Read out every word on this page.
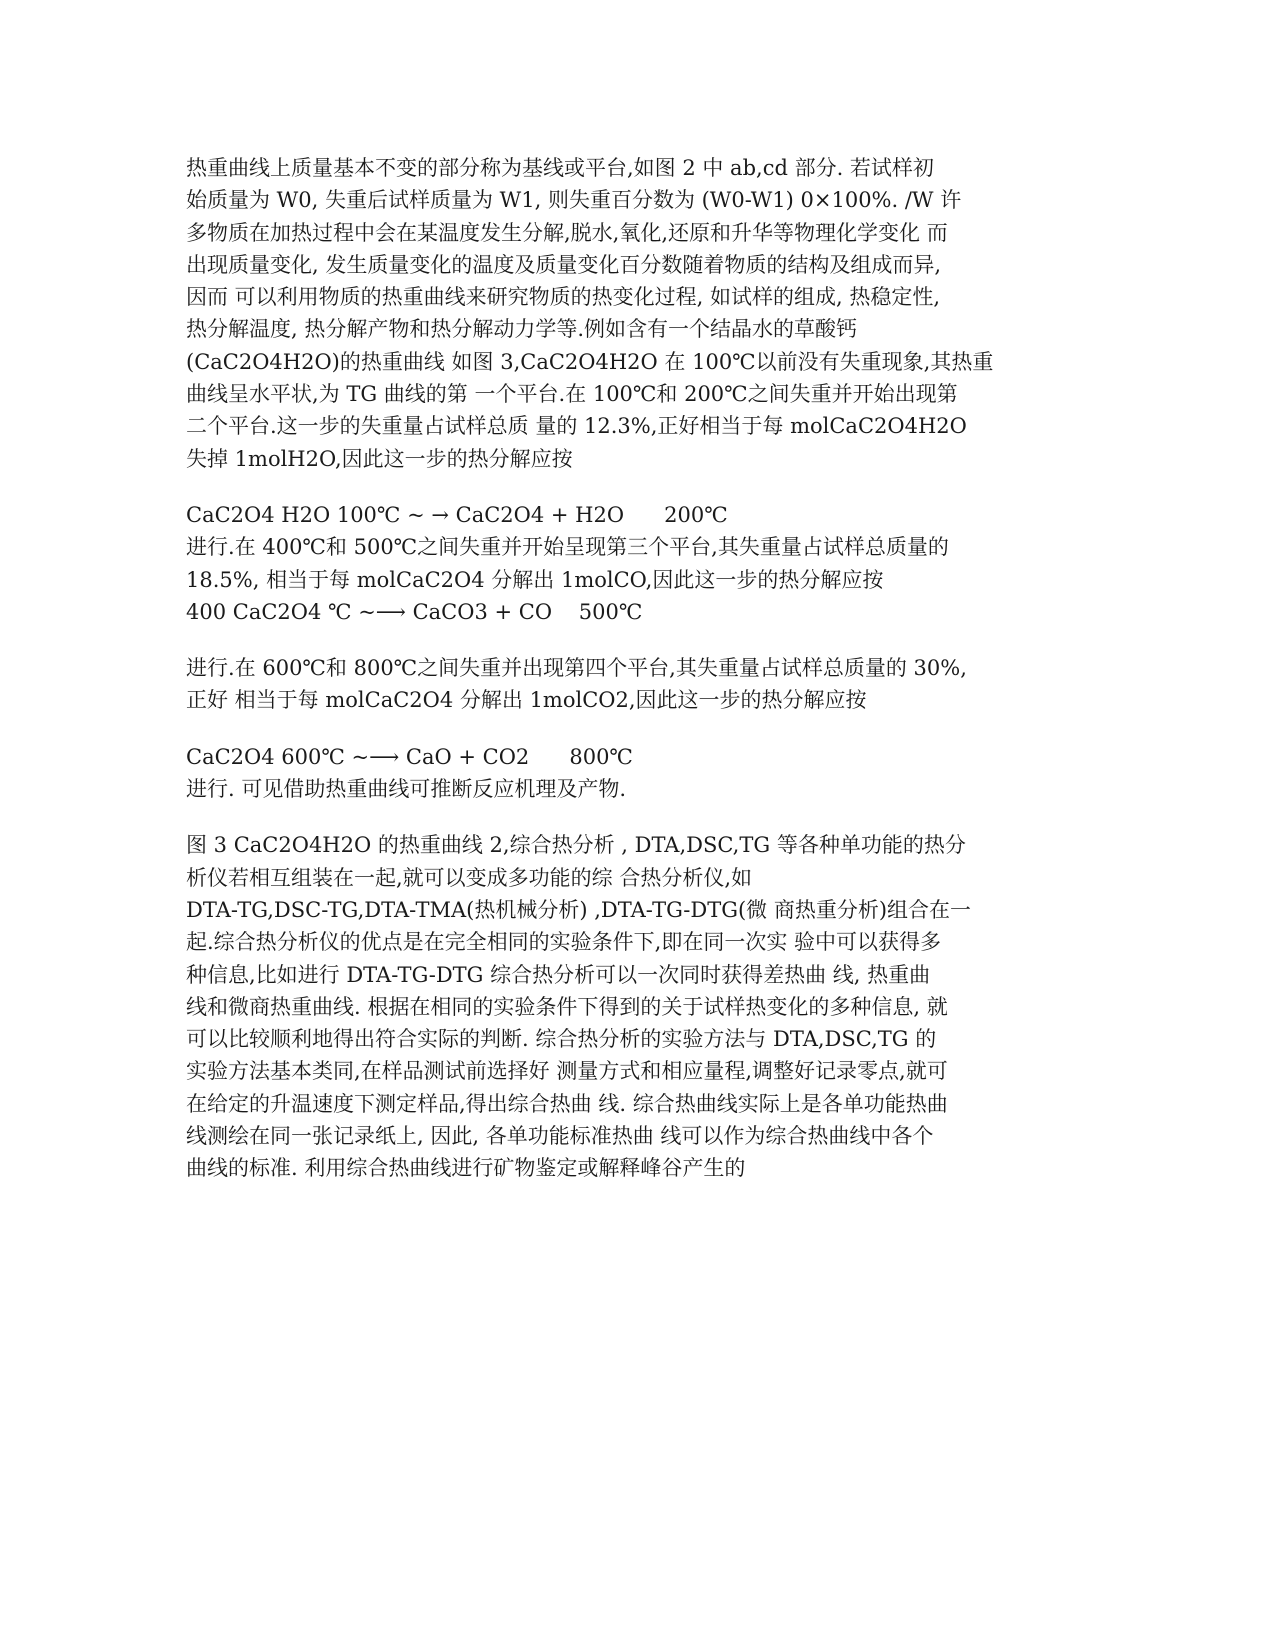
热重曲线上质量基本不变的部分称为基线或平台,如图 2 中 ab,cd 部分. 若试样初
始质量为 W0, 失重后试样质量为 W1, 则失重百分数为 (W0-W1) 0×100%. /W 许
多物质在加热过程中会在某温度发生分解,脱水,氧化,还原和升华等物理化学变化 而
出现质量变化, 发生质量变化的温度及质量变化百分数随着物质的结构及组成而异,
因而 可以利用物质的热重曲线来研究物质的热变化过程, 如试样的组成, 热稳定性,
热分解温度, 热分解产物和热分解动力学等.例如含有一个结晶水的草酸钙
(CaC2O4H2O)的热重曲线 如图 3,CaC2O4H2O 在 100℃以前没有失重现象,其热重
曲线呈水平状,为 TG 曲线的第 一个平台.在 100℃和 200℃之间失重并开始出现第
二个平台.这一步的失重量占试样总质 量的 12.3%,正好相当于每 molCaC2O4H2O
失掉 1molH2O,因此这一步的热分解应按
CaC2O4 H2O 100℃ ~ → CaC2O4 + H2O      200℃
进行.在 400℃和 500℃之间失重并开始呈现第三个平台,其失重量占试样总质量的
18.5%, 相当于每 molCaC2O4 分解出 1molCO,因此这一步的热分解应按
400 CaC2O4 ℃ ~⟶ CaCO3 + CO    500℃
进行.在 600℃和 800℃之间失重并出现第四个平台,其失重量占试样总质量的 30%,
正好 相当于每 molCaC2O4 分解出 1molCO2,因此这一步的热分解应按
CaC2O4 600℃ ~⟶ CaO + CO2      800℃
进行. 可见借助热重曲线可推断反应机理及产物.
图 3 CaC2O4H2O 的热重曲线 2,综合热分析 , DTA,DSC,TG 等各种单功能的热分
析仪若相互组装在一起,就可以变成多功能的综 合热分析仪,如
DTA-TG,DSC-TG,DTA-TMA(热机械分析) ,DTA-TG-DTG(微 商热重分析)组合在一
起.综合热分析仪的优点是在完全相同的实验条件下,即在同一次实 验中可以获得多
种信息,比如进行 DTA-TG-DTG 综合热分析可以一次同时获得差热曲 线, 热重曲
线和微商热重曲线. 根据在相同的实验条件下得到的关于试样热变化的多种信息, 就
可以比较顺利地得出符合实际的判断. 综合热分析的实验方法与 DTA,DSC,TG 的
实验方法基本类同,在样品测试前选择好 测量方式和相应量程,调整好记录零点,就可
在给定的升温速度下测定样品,得出综合热曲 线. 综合热曲线实际上是各单功能热曲
线测绘在同一张记录纸上, 因此, 各单功能标准热曲 线可以作为综合热曲线中各个
曲线的标准. 利用综合热曲线进行矿物鉴定或解释峰谷产生的
